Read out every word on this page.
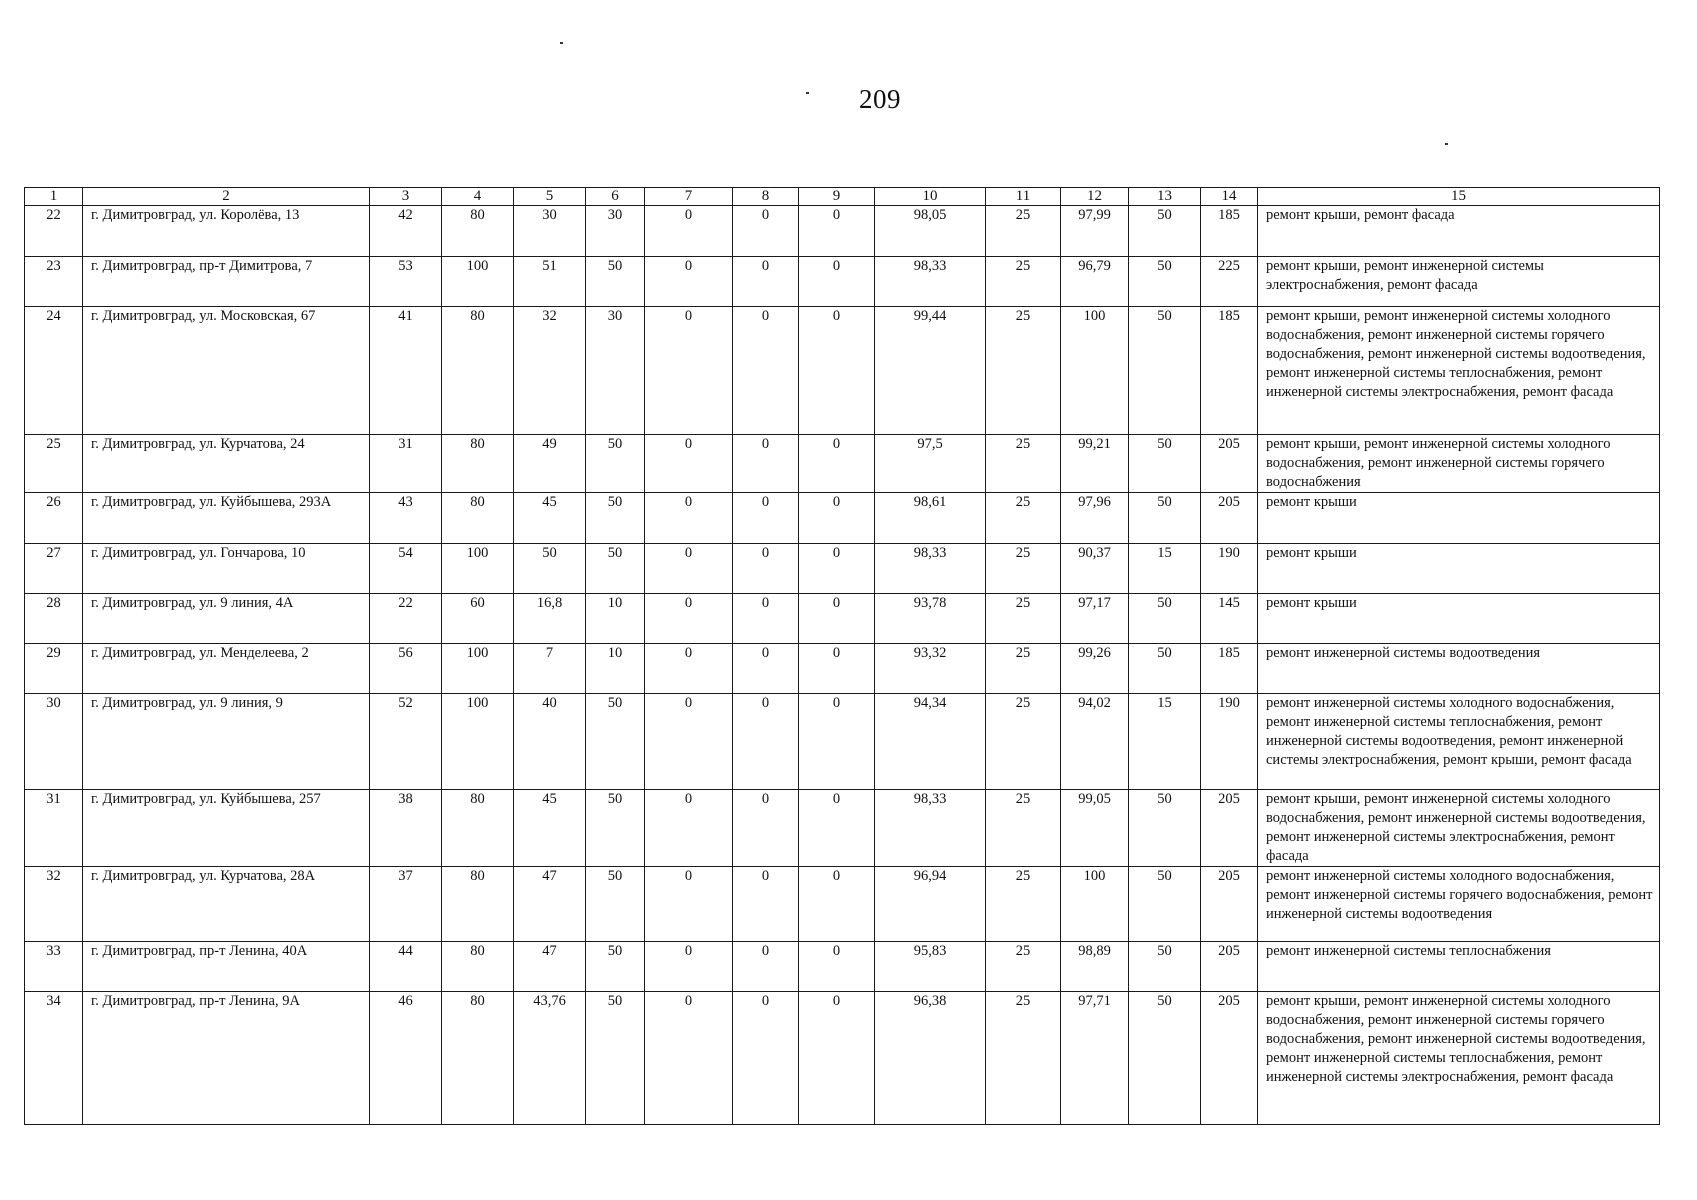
209
1	2	3	4	5	6	7	8	9	10	11	12	13	14	15
22	г. Димитровград, ул. Королёва, 13	42	80	30	30	0	0	0	98,05	25	97,99	50	185	ремонт крыши, ремонт фасада
23	г. Димитровград, пр-т Димитрова, 7	53	100	51	50	0	0	0	98,33	25	96,79	50	225	ремонт крыши, ремонт инженерной системы электроснабжения, ремонт фасада
24	г. Димитровград, ул. Московская, 67	41	80	32	30	0	0	0	99,44	25	100	50	185	ремонт крыши, ремонт инженерной системы холодного водоснабжения, ремонт инженерной системы горячего водоснабжения, ремонт инженерной системы водоотведения, ремонт инженерной системы теплоснабжения, ремонт инженерной системы электроснабжения, ремонт фасада
25	г. Димитровград, ул. Курчатова, 24	31	80	49	50	0	0	0	97,5	25	99,21	50	205	ремонт крыши, ремонт инженерной системы холодного водоснабжения, ремонт инженерной системы горячего водоснабжения
26	г. Димитровград, ул. Куйбышева, 293А	43	80	45	50	0	0	0	98,61	25	97,96	50	205	ремонт крыши
27	г. Димитровград, ул. Гончарова, 10	54	100	50	50	0	0	0	98,33	25	90,37	15	190	ремонт крыши
28	г. Димитровград, ул. 9 линия, 4А	22	60	16,8	10	0	0	0	93,78	25	97,17	50	145	ремонт крыши
29	г. Димитровград, ул. Менделеева, 2	56	100	7	10	0	0	0	93,32	25	99,26	50	185	ремонт инженерной системы водоотведения
30	г. Димитровград, ул. 9 линия, 9	52	100	40	50	0	0	0	94,34	25	94,02	15	190	ремонт инженерной системы холодного водоснабжения, ремонт инженерной системы теплоснабжения, ремонт инженерной системы водоотведения, ремонт инженерной системы электроснабжения, ремонт крыши, ремонт фасада
31	г. Димитровград, ул. Куйбышева, 257	38	80	45	50	0	0	0	98,33	25	99,05	50	205	ремонт крыши, ремонт инженерной системы холодного водоснабжения, ремонт инженерной системы водоотведения, ремонт инженерной системы электроснабжения, ремонт фасада
32	г. Димитровград, ул. Курчатова, 28А	37	80	47	50	0	0	0	96,94	25	100	50	205	ремонт инженерной системы холодного водоснабжения, ремонт инженерной системы горячего водоснабжения, ремонт инженерной системы водоотведения
33	г. Димитровград, пр-т Ленина, 40А	44	80	47	50	0	0	0	95,83	25	98,89	50	205	ремонт инженерной системы теплоснабжения
34	г. Димитровград, пр-т Ленина, 9А	46	80	43,76	50	0	0	0	96,38	25	97,71	50	205	ремонт крыши, ремонт инженерной системы холодного водоснабжения, ремонт инженерной системы горячего водоснабжения, ремонт инженерной системы водоотведения, ремонт инженерной системы теплоснабжения, ремонт инженерной системы электроснабжения, ремонт фасада
